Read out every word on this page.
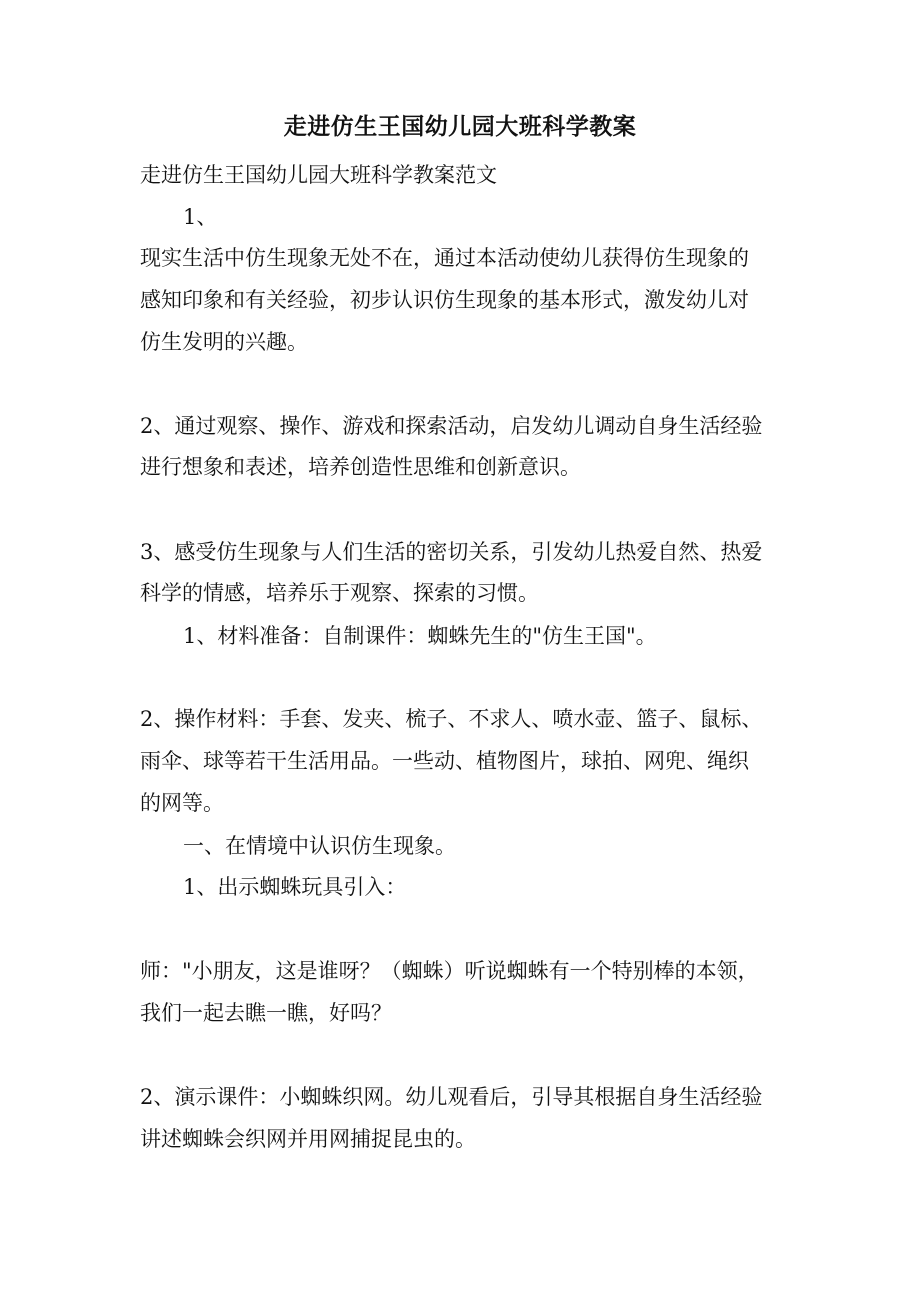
走进仿生王国幼儿园大班科学教案
走进仿生王国幼儿园大班科学教案范文
1、
现实生活中仿生现象无处不在，通过本活动使幼儿获得仿生现象的
感知印象和有关经验，初步认识仿生现象的基本形式，激发幼儿对
仿生发明的兴趣。
2、通过观察、操作、游戏和探索活动，启发幼儿调动自身生活经验
进行想象和表述，培养创造性思维和创新意识。
3、感受仿生现象与人们生活的密切关系，引发幼儿热爱自然、热爱
科学的情感，培养乐于观察、探索的习惯。
1、材料准备：自制课件：蜘蛛先生的"仿生王国"。
2、操作材料：手套、发夹、梳子、不求人、喷水壶、篮子、鼠标、
雨伞、球等若干生活用品。一些动、植物图片，球拍、网兜、绳织
的网等。
一、在情境中认识仿生现象。
1、出示蜘蛛玩具引入：
师："小朋友，这是谁呀？（蜘蛛）听说蜘蛛有一个特别棒的本领，
我们一起去瞧一瞧，好吗？
2、演示课件：小蜘蛛织网。幼儿观看后，引导其根据自身生活经验
讲述蜘蛛会织网并用网捕捉昆虫的。
